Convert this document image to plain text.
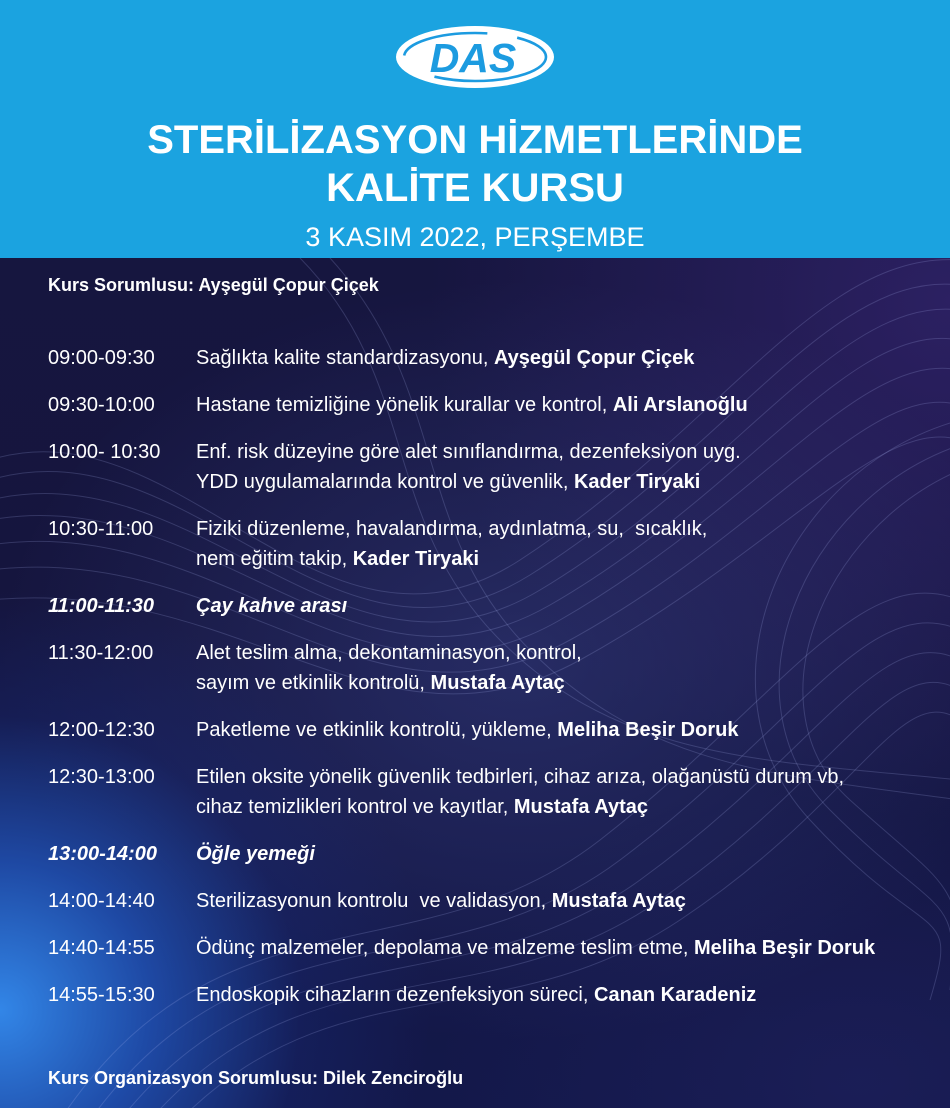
DAS
STERİLİZASYON HİZMETLERİNDE
KALİTE KURSU
3 KASIM 2022, PERŞEMBE
Kurs Sorumlusu: Ayşegül Çopur Çiçek
09:00-09:30	Sağlıkta kalite standardizasyonu, Ayşegül Çopur Çiçek
09:30-10:00	Hastane temizliğine yönelik kurallar ve kontrol, Ali Arslanoğlu
10:00- 10:30	Enf. risk düzeyine göre alet sınıflandırma, dezenfeksiyon uyg.
YDD uygulamalarında kontrol ve güvenlik, Kader Tiryaki
10:30-11:00	Fiziki düzenleme, havalandırma, aydınlatma, su,  sıcaklık,
nem eğitim takip, Kader Tiryaki
11:00-11:30	Çay kahve arası
11:30-12:00	Alet teslim alma, dekontaminasyon, kontrol,
sayım ve etkinlik kontrolü, Mustafa Aytaç
12:00-12:30	Paketleme ve etkinlik kontrolü, yükleme, Meliha Beşir Doruk
12:30-13:00	Etilen oksite yönelik güvenlik tedbirleri, cihaz arıza, olağanüstü durum vb,
cihaz temizlikleri kontrol ve kayıtlar, Mustafa Aytaç
13:00-14:00	Öğle yemeği
14:00-14:40	Sterilizasyonun kontrolu  ve validasyon, Mustafa Aytaç
14:40-14:55	Ödünç malzemeler, depolama ve malzeme teslim etme, Meliha Beşir Doruk
14:55-15:30	Endoskopik cihazların dezenfeksiyon süreci, Canan Karadeniz
Kurs Organizasyon Sorumlusu: Dilek Zenciroğlu
